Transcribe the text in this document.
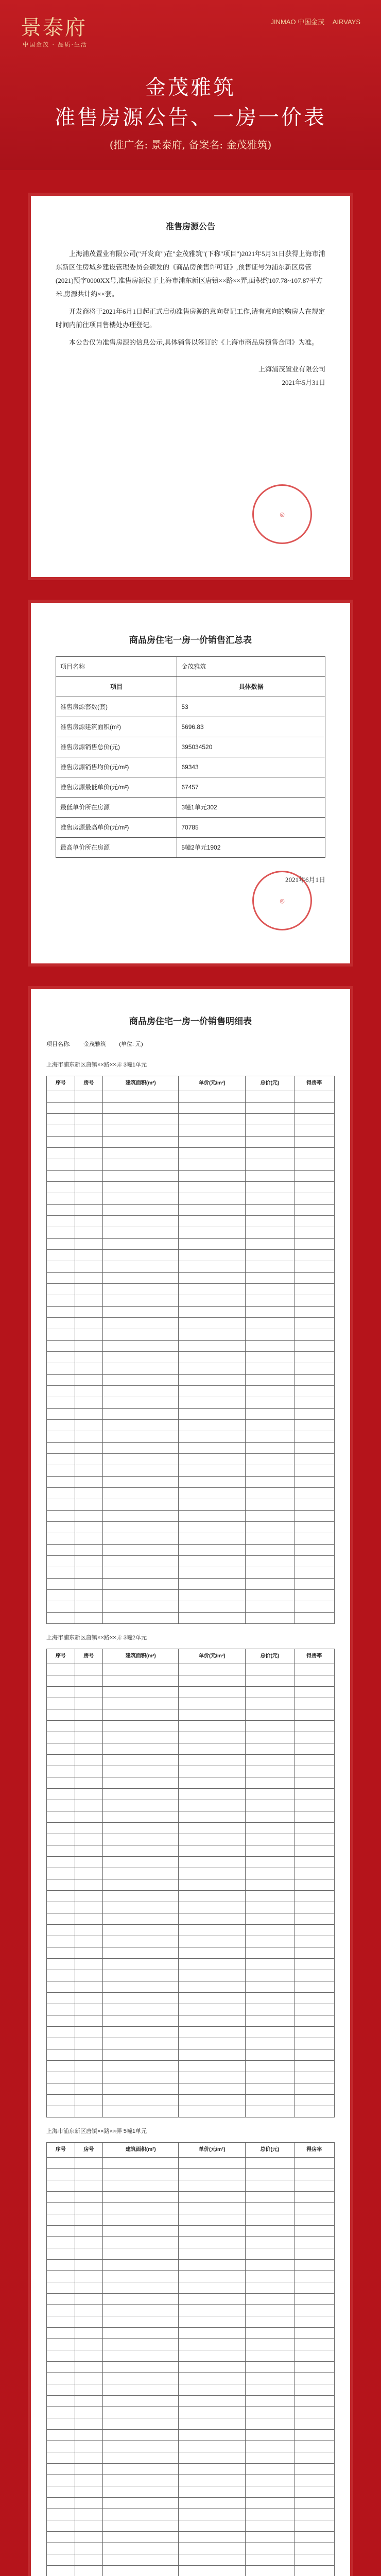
景泰府
中国金茂 · 品质·生活
JINMAO 中国金茂 AIRVAYS
金茂雅筑
准售房源公告、一房一价表
(推广名: 景泰府, 备案名: 金茂雅筑)
准售房源公告

上海浦茂置业有限公司("开发商")在"金茂雅筑"(下称"项目")2021年5月31日获得上海市浦东新区住房城乡建设管理委员会颁发的《商品房预售许可证》,预售证号为浦东新区房管(2021)预字0000XX号,准售房源位于上海市浦东新区唐镇××路××弄,面积约107.78~107.87平方米,房源共计约××套。

开发商将于2021年6月1日起正式启动准售房源的意向登记工作,请有意向的购房人在规定时间内前往项目售楼处办理登记。

本公告仅为准售房源的信息公示,具体销售以签订的《上海市商品房预售合同》为准。

上海浦茂置业有限公司
2021年5月31日
◎
商品房住宅一房一价销售汇总表
项目名称	金茂雅筑
项目	具体数据
准售房源套数(套)	53
准售房源建筑面积(m²)	5696.83
准售房源销售总价(元)	395034520
准售房源销售均价(元/m²)	69343
准售房源最低单价(元/m²)	67457
最低单价所在房源	3幢1单元302
准售房源最高单价(元/m²)	70785
最高单价所在房源	5幢2单元1902
2021年6月1日
◎
商品房住宅一房一价销售明细表
项目名称: 金茂雅筑 (单位: 元)
上海市浦东新区唐镇××路××弄 3幢1单元
序号	房号	建筑面积(m²)	单价(元/m²)	总价(元)	得房率

上海市浦东新区唐镇××路××弄 3幢2单元
序号	房号	建筑面积(m²)	单价(元/m²)	总价(元)	得房率

上海市浦东新区唐镇××路××弄 5幢1单元
序号	房号	建筑面积(m²)	单价(元/m²)	总价(元)	得房率
